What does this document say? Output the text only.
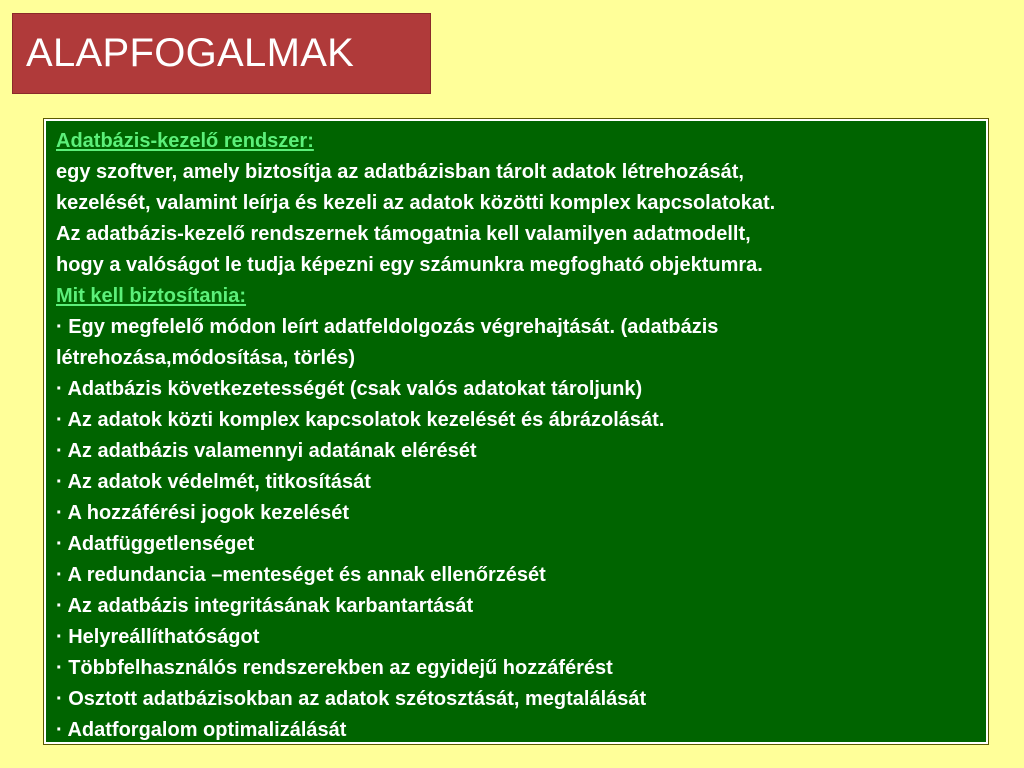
ALAPFOGALMAK
Adatbázis-kezelő rendszer:
egy szoftver, amely biztosítja az adatbázisban tárolt adatok létrehozását,
kezelését, valamint leírja és kezeli az adatok közötti komplex kapcsolatokat.
Az adatbázis-kezelő rendszernek támogatnia kell valamilyen adatmodellt,
hogy a valóságot le tudja képezni egy számunkra megfogható objektumra.
Mit kell biztosítania:
· Egy megfelelő módon leírt adatfeldolgozás végrehajtását. (adatbázis
létrehozása,módosítása, törlés)
· Adatbázis következetességét (csak valós adatokat tároljunk)
· Az adatok közti komplex kapcsolatok kezelését és ábrázolását.
· Az adatbázis valamennyi adatának elérését
· Az adatok védelmét, titkosítását
· A hozzáférési jogok kezelését
· Adatfüggetlenséget
· A redundancia –menteséget és annak ellenőrzését
· Az adatbázis integritásának karbantartását
· Helyreállíthatóságot
· Többfelhasználós rendszerekben az egyidejű hozzáférést
· Osztott adatbázisokban az adatok szétosztását, megtalálását
· Adatforgalom optimalizálását
